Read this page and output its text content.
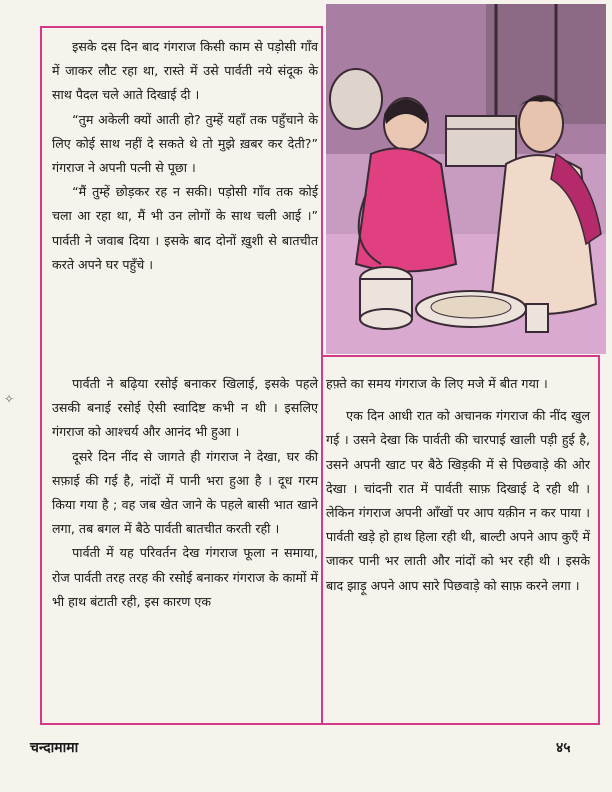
इसके दस दिन बाद गंगराज किसी काम से पड़ोसी गाँव में जाकर लौट रहा था, रास्ते में उसे पार्वती नये संदूक के साथ पैदल चले आते दिखाई दी ।

“तुम अकेली क्यों आती हो? तुम्हें यहाँ तक पहुँचाने के लिए कोई साथ नहीं दे सकते थे तो मुझे ख़बर कर देती?” गंगराज ने अपनी पत्नी से पूछा ।

“मैं तुम्हें छोड़कर रह न सकी। पड़ोसी गाँव तक कोई चला आ रहा था, मैं भी उन लोगों के साथ चली आई ।” पार्वती ने जवाब दिया । इसके बाद दोनों ख़ुशी से बातचीत करते अपने घर पहुँचे ।

पार्वती ने बढ़िया रसोई बनाकर खिलाई, इसके पहले उसकी बनाई रसोई ऐसी स्वादिष्ट कभी न थी । इसलिए गंगराज को आश्चर्य और आनंद भी हुआ ।

दूसरे दिन नींद से जागते ही गंगराज ने देखा, घर की सफ़ाई की गई है, नांदों में पानी भरा हुआ है । दूध गरम किया गया है ; वह जब खेत जाने के पहले बासी भात खाने लगा, तब बगल में बैठे पार्वती बातचीत करती रही ।

पार्वती में यह परिवर्तन देख गंगराज फूला न समाया, रोज पार्वती तरह तरह की रसोई बनाकर गंगराज के कामों में भी हाथ बंटाती रही, इस कारण एक

हफ़्ते का समय गंगराज के लिए मजे में बीत गया ।

एक दिन आधी रात को अचानक गंगराज की नींद खुल गई । उसने देखा कि पार्वती की चारपाई खाली पड़ी हुई है, उसने अपनी खाट पर बैठे खिड़की में से पिछवाड़े की ओर देखा । चांदनी रात में पार्वती साफ़ दिखाई दे रही थी । लेकिन गंगराज अपनी आँखों पर आप यक़ीन न कर पाया । पार्वती खड़े हो हाथ हिला रही थी, बाल्टी अपने आप कुएँ में जाकर पानी भर लाती और नांदों को भर रही थी । इसके बाद झाड़ू अपने आप सारे पिछवाड़े को साफ़ करने लगा ।

✧
चन्दामामा	४५
